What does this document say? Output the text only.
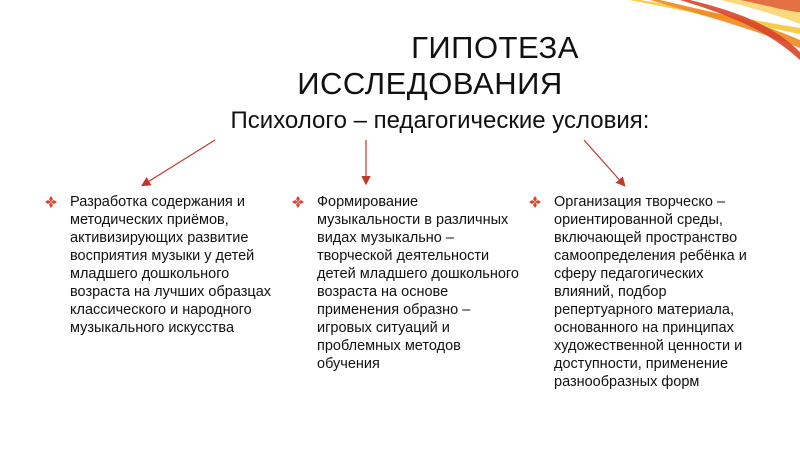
ГИПОТЕЗА
ИССЛЕДОВАНИЯ
Психолого – педагогические условия:
Разработка содержания и методических приёмов, активизирующих развитие восприятия музыки у детей младшего дошкольного возраста на лучших образцах классического и народного музыкального искусства
Формирование музыкальности в различных видах музыкально – творческой деятельности детей младшего дошкольного возраста на основе применения образно – игровых ситуаций и проблемных методов обучения
Организация творческо – ориентированной среды, включающей пространство самоопределения ребёнка и сферу педагогических влияний, подбор репертуарного материала, основанного на принципах художественной ценности и доступности, применение разнообразных форм
